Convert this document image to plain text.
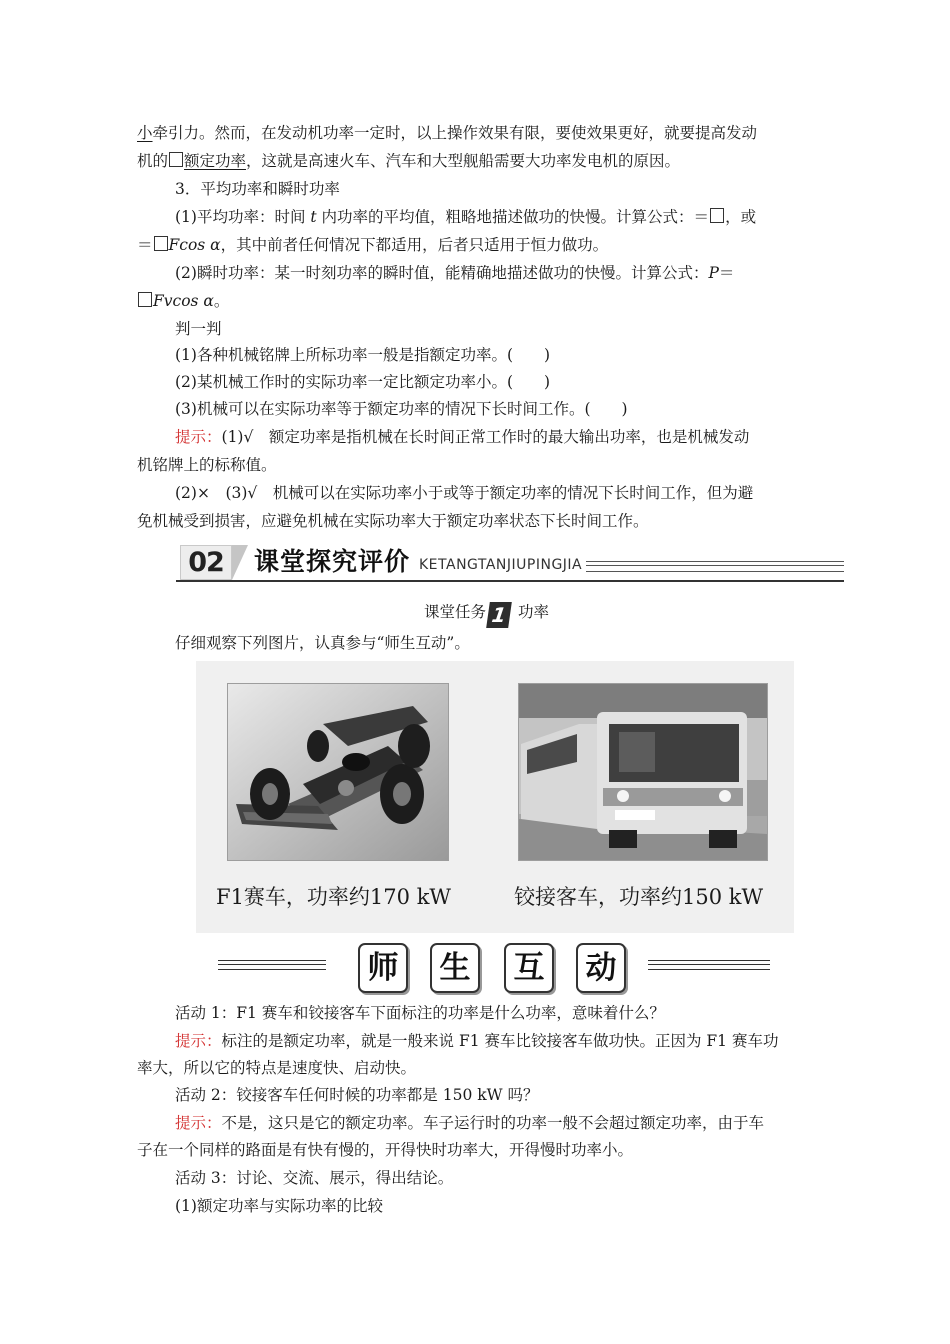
小牵引力。然而，在发动机功率一定时，以上操作效果有限，要使效果更好，就要提高发动
机的 额定功率，这就是高速火车、汽车和大型舰船需要大功率发电机的原因。
3．平均功率和瞬时功率
(1)平均功率：时间 t 内功率的平均值，粗略地描述做功的快慢。计算公式：＝ ，或
＝ Fcos α，其中前者任何情况下都适用，后者只适用于恒力做功。
(2)瞬时功率：某一时刻功率的瞬时值，能精确地描述做功的快慢。计算公式：P＝
Fvcos α。
判一判
(1)各种机械铭牌上所标功率一般是指额定功率。(　　)
(2)某机械工作时的实际功率一定比额定功率小。(　　)
(3)机械可以在实际功率等于额定功率的情况下长时间工作。(　　)
提示：(1)√　额定功率是指机械在长时间正常工作时的最大输出功率，也是机械发动
机铭牌上的标称值。
(2)×　(3)√　机械可以在实际功率小于或等于额定功率的情况下长时间工作，但为避
免机械受到损害，应避免机械在实际功率大于额定功率状态下长时间工作。
02	课堂探究评价 KETANGTANJIUPINGJIA
课堂任务 1 功率
仔细观察下列图片，认真参与“师生互动”。
F1赛车，功率约170 kW	铰接客车，功率约150 kW
师	生	互	动
活动 1：F1 赛车和铰接客车下面标注的功率是什么功率，意味着什么？
提示：标注的是额定功率，就是一般来说 F1 赛车比铰接客车做功快。正因为 F1 赛车功
率大，所以它的特点是速度快、启动快。
活动 2：铰接客车任何时候的功率都是 150 kW 吗？
提示：不是，这只是它的额定功率。车子运行时的功率一般不会超过额定功率，由于车
子在一个同样的路面是有快有慢的，开得快时功率大，开得慢时功率小。
活动 3：讨论、交流、展示，得出结论。
(1)额定功率与实际功率的比较
